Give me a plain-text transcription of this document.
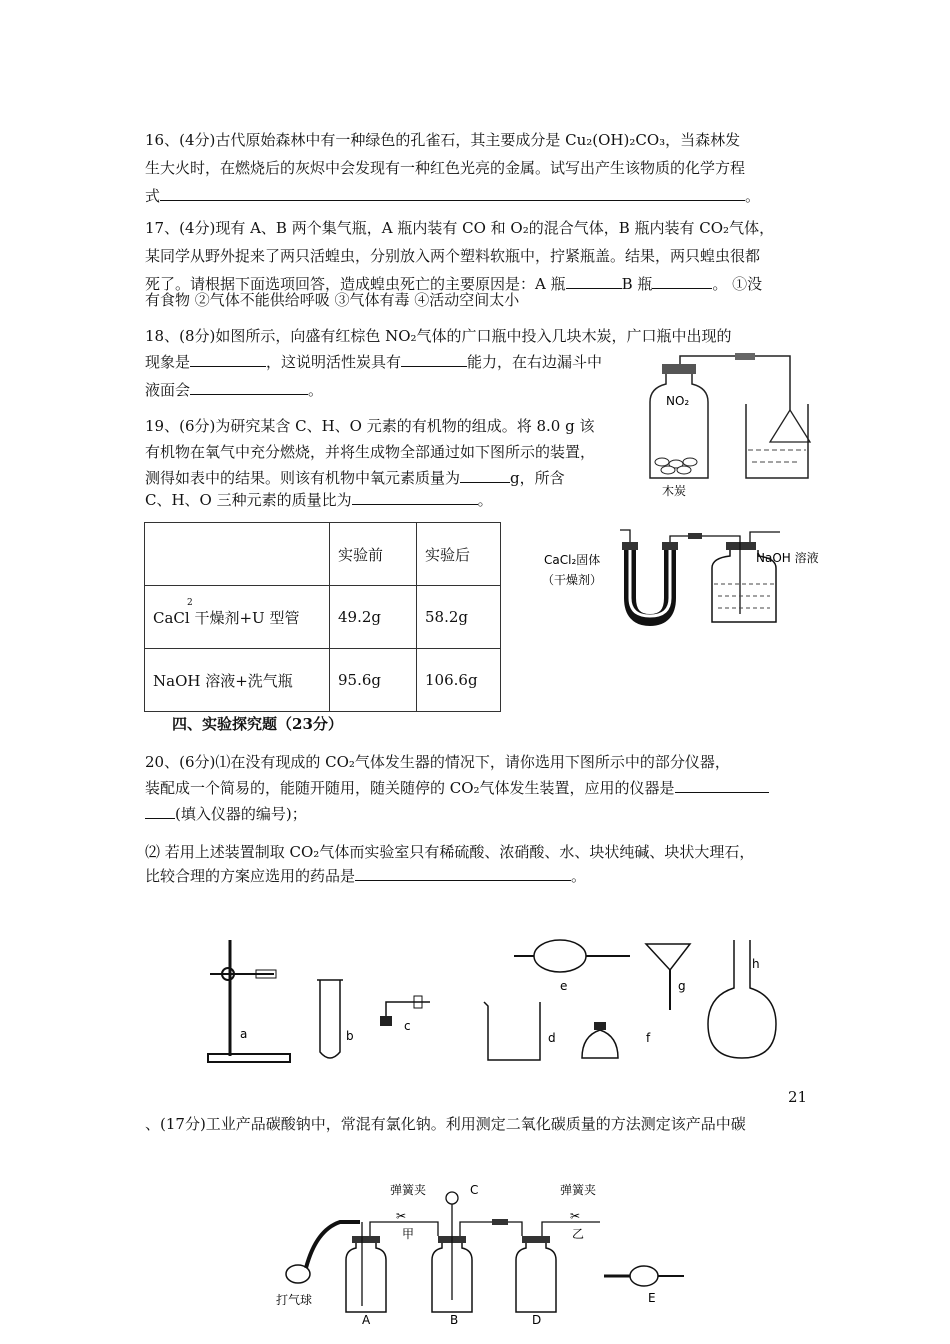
16、(4分)古代原始森林中有一种绿色的孔雀石，其主要成分是 Cu₂(OH)₂CO₃，当森林发
生大火时，在燃烧后的灰烬中会发现有一种红色光亮的金属。试写出产生该物质的化学方程
式	。
17、(4分)现有 A、B 两个集气瓶，A 瓶内装有 CO 和 O₂的混合气体，B 瓶内装有 CO₂气体，
某同学从野外捉来了两只活蝗虫，分别放入两个塑料软瓶中，拧紧瓶盖。结果，两只蝗虫很都
死了。请根据下面选项回答，造成蝗虫死亡的主要原因是：A 瓶	B 瓶	。 ①没
有食物 ②气体不能供给呼吸 ③气体有毒 ④活动空间太小
18、(8分)如图所示，向盛有红棕色 NO₂气体的广口瓶中投入几块木炭，广口瓶中出现的
现象是	，这说明活性炭具有	能力，在右边漏斗中
液面会	。
NO₂
木炭
19、(6分)为研究某含 C、H、O 元素的有机物的组成。将 8.0 g 该
有机物在氧气中充分燃烧，并将生成物全部通过如下图所示的装置，
测得如表中的结果。则该有机物中氧元素质量为	g，所含
C、H、O 三种元素的质量比为	。
	实验前	实验后

2
CaCl 干燥剂+U 型管	49.2g	58.2g
NaOH 溶液+洗气瓶	95.6g	106.6g
CaCl₂固体
（干燥剂）
NaOH 溶液
四、实验探究题（23分）
20、(6分)⑴在没有现成的 CO₂气体发生器的情况下，请你选用下图所示中的部分仪器，
装配成一个简易的，能随开随用，随关随停的 CO₂气体发生装置，应用的仪器是
(填入仪器的编号)；
⑵ 若用上述装置制取 CO₂气体而实验室只有稀硫酸、浓硝酸、水、块状纯碱、块状大理石，
比较合理的方案应选用的药品是	。
a	b
c
d
e
f
g
h
21
、(17分)工业产品碳酸钠中，常混有氯化钠。利用测定二氧化碳质量的方法测定该产品中碳
弹簧夹
甲
C	弹簧夹
乙
打气球
A	B	D
E
✂	✂
